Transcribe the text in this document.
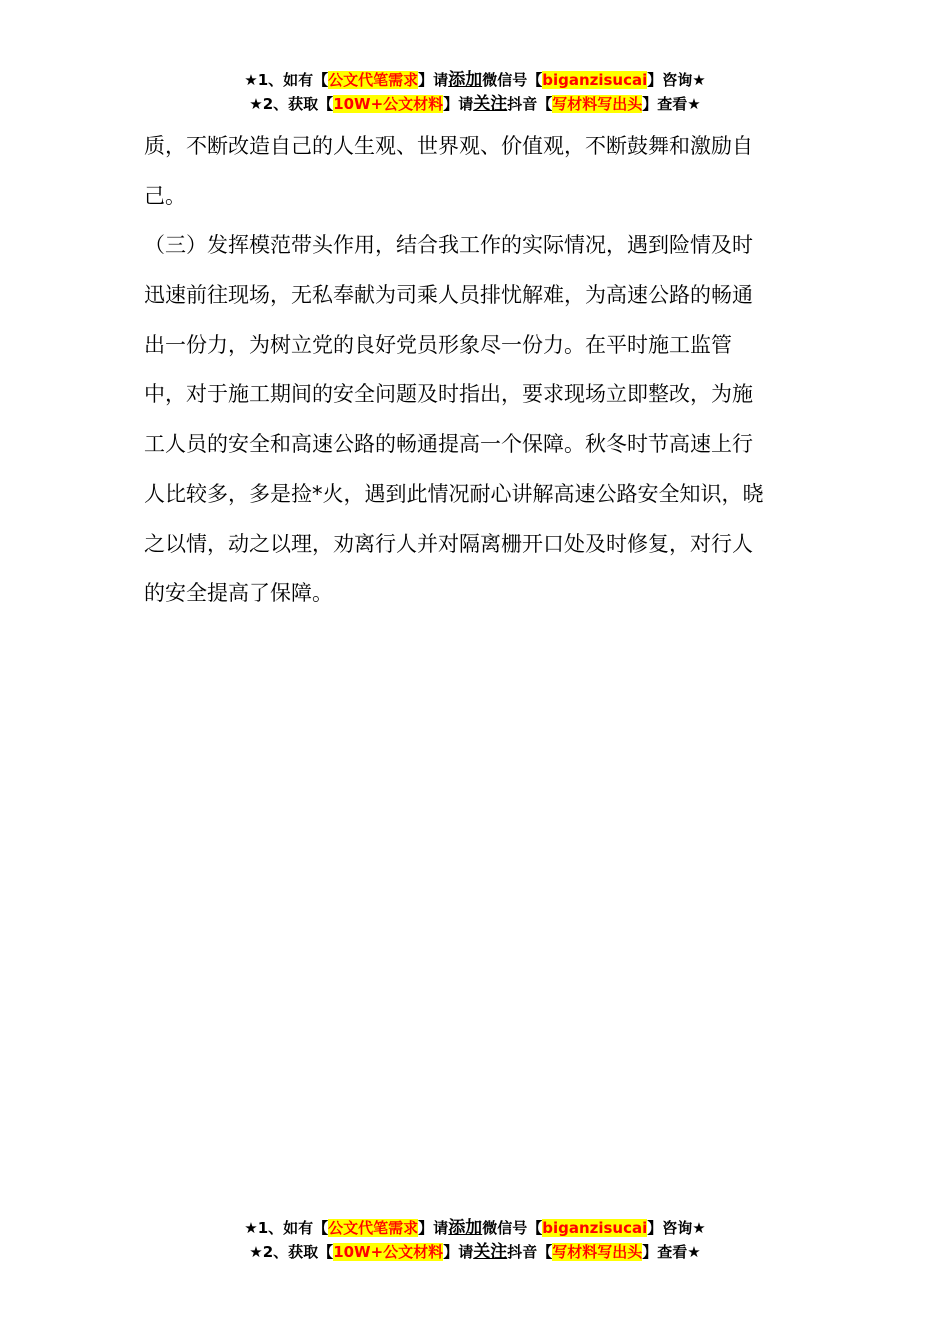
★1、如有【公文代笔需求】请添加微信号【biganzisucai】咨询★
★2、获取【10W+公文材料】请关注抖音【写材料写出头】查看★
质，不断改造自己的人生观、世界观、价值观，不断鼓舞和激励自
己。
（三）发挥模范带头作用，结合我工作的实际情况，遇到险情及时
迅速前往现场，无私奉献为司乘人员排忧解难，为高速公路的畅通
出一份力，为树立党的良好党员形象尽一份力。在平时施工监管
中，对于施工期间的安全问题及时指出，要求现场立即整改，为施
工人员的安全和高速公路的畅通提高一个保障。秋冬时节高速上行
人比较多，多是捡*火，遇到此情况耐心讲解高速公路安全知识，晓
之以情，动之以理，劝离行人并对隔离栅开口处及时修复，对行人
的安全提高了保障。
★1、如有【公文代笔需求】请添加微信号【biganzisucai】咨询★
★2、获取【10W+公文材料】请关注抖音【写材料写出头】查看★
